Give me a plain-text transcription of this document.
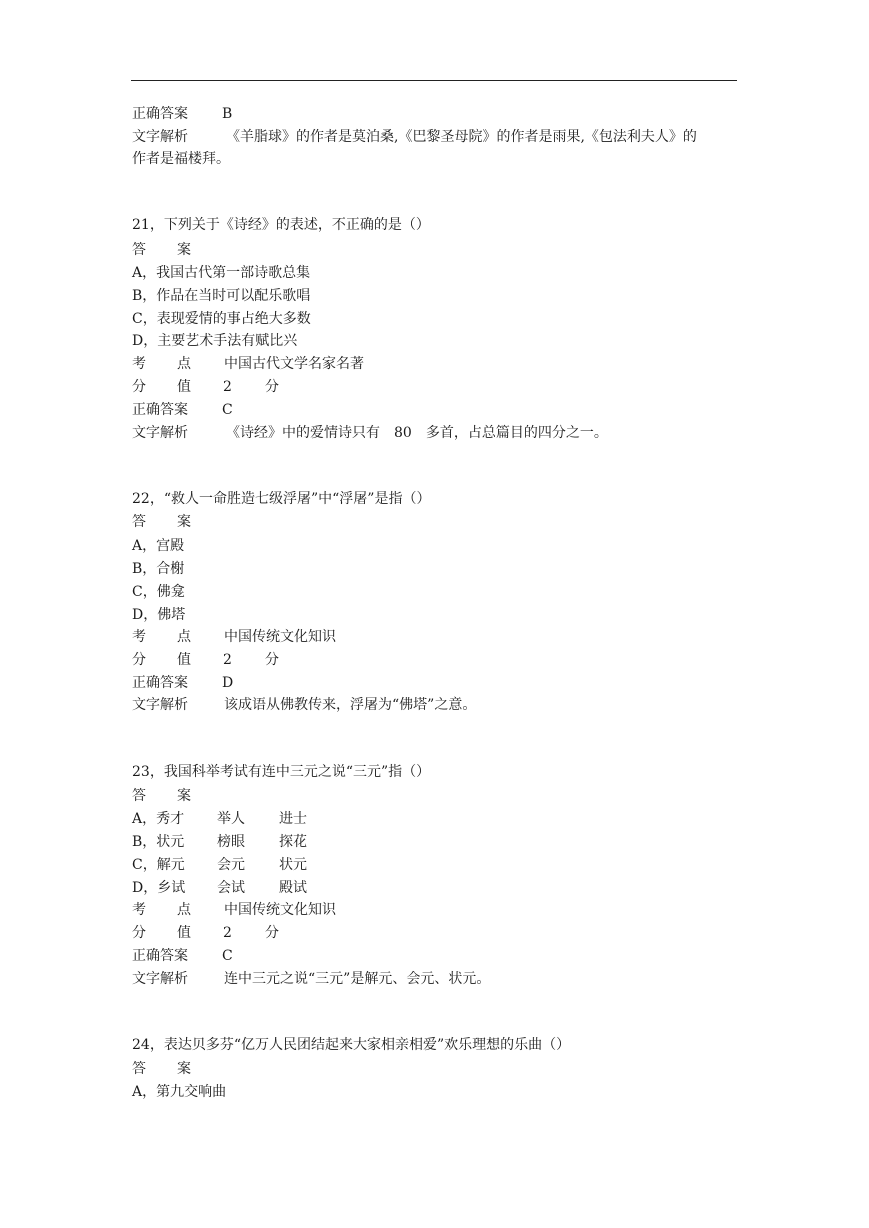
正确答案 B
文字解析	《羊脂球》的作者是莫泊桑,《巴黎圣母院》的作者是雨果,《包法利夫人》的
作者是福楼拜。
21，下列关于《诗经》的表述，不正确的是（）
答 案
A，我国古代第一部诗歌总集
B，作品在当时可以配乐歌唱
C，表现爱情的事占绝大多数
D，主要艺术手法有赋比兴
考 点 中国古代文学名家名著
分 值 2 分
正确答案 C
文字解析	《诗经》中的爱情诗只有　80　多首，占总篇目的四分之一。
22，“救人一命胜造七级浮屠”中“浮屠”是指（）
答 案
A，宫殿
B，合榭
C，佛龛
D，佛塔
考 点 中国传统文化知识
分 值 2 分
正确答案 D
文字解析	该成语从佛教传来，浮屠为“佛塔”之意。
23，我国科举考试有连中三元之说“三元”指（）
答 案
A，秀才 举人 进士
B，状元 榜眼 探花
C，解元 会元 状元
D，乡试 会试 殿试
考 点 中国传统文化知识
分 值 2 分
正确答案 C
文字解析	连中三元之说“三元”是解元、会元、状元。
24，表达贝多芬“亿万人民团结起来大家相亲相爱”欢乐理想的乐曲（）
答 案
A，第九交响曲
